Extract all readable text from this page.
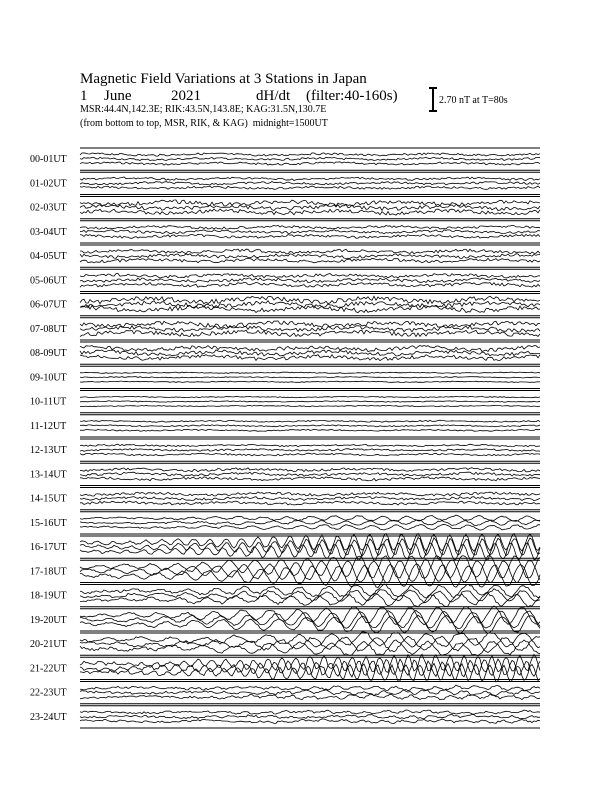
Magnetic Field Variations at 3 Stations in Japan
1 June	2021	dH/dt (filter:40-160s)
MSR:44.4N,142.3E; RIK:43.5N,143.8E; KAG:31.5N,130.7E
(from bottom to top, MSR, RIK, & KAG) midnight=1500UT
2.70 nT at T=80s
00-01UT
01-02UT
02-03UT
03-04UT
04-05UT
05-06UT
06-07UT
07-08UT
08-09UT
09-10UT
10-11UT
11-12UT
12-13UT
13-14UT
14-15UT
15-16UT
16-17UT
17-18UT
18-19UT
19-20UT
20-21UT
21-22UT
22-23UT
23-24UT
